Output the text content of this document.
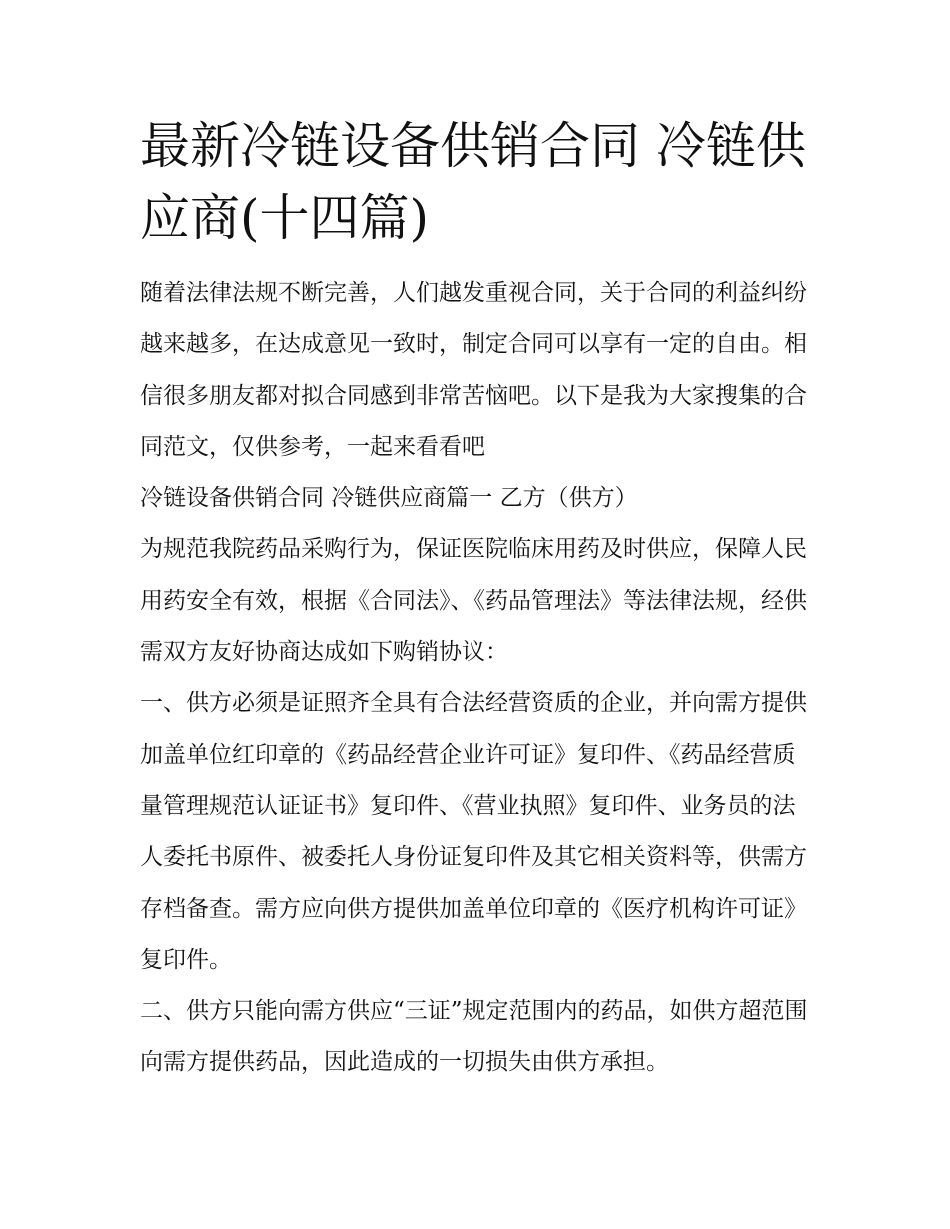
最新冷链设备供销合同 冷链供应商(十四篇)

随着法律法规不断完善，人们越发重视合同，关于合同的利益纠纷越来越多，在达成意见一致时，制定合同可以享有一定的自由。相信很多朋友都对拟合同感到非常苦恼吧。以下是我为大家搜集的合同范文，仅供参考，一起来看看吧

冷链设备供销合同 冷链供应商篇一 乙方（供方）

为规范我院药品采购行为，保证医院临床用药及时供应，保障人民用药安全有效，根据《合同法》、《药品管理法》等法律法规，经供需双方友好协商达成如下购销协议：

一、供方必须是证照齐全具有合法经营资质的企业，并向需方提供加盖单位红印章的《药品经营企业许可证》复印件、《药品经营质量管理规范认证证书》复印件、《营业执照》复印件、业务员的法人委托书原件、被委托人身份证复印件及其它相关资料等，供需方存档备查。需方应向供方提供加盖单位印章的《医疗机构许可证》复印件。

二、供方只能向需方供应“三证”规定范围内的药品，如供方超范围向需方提供药品，因此造成的一切损失由供方承担。
